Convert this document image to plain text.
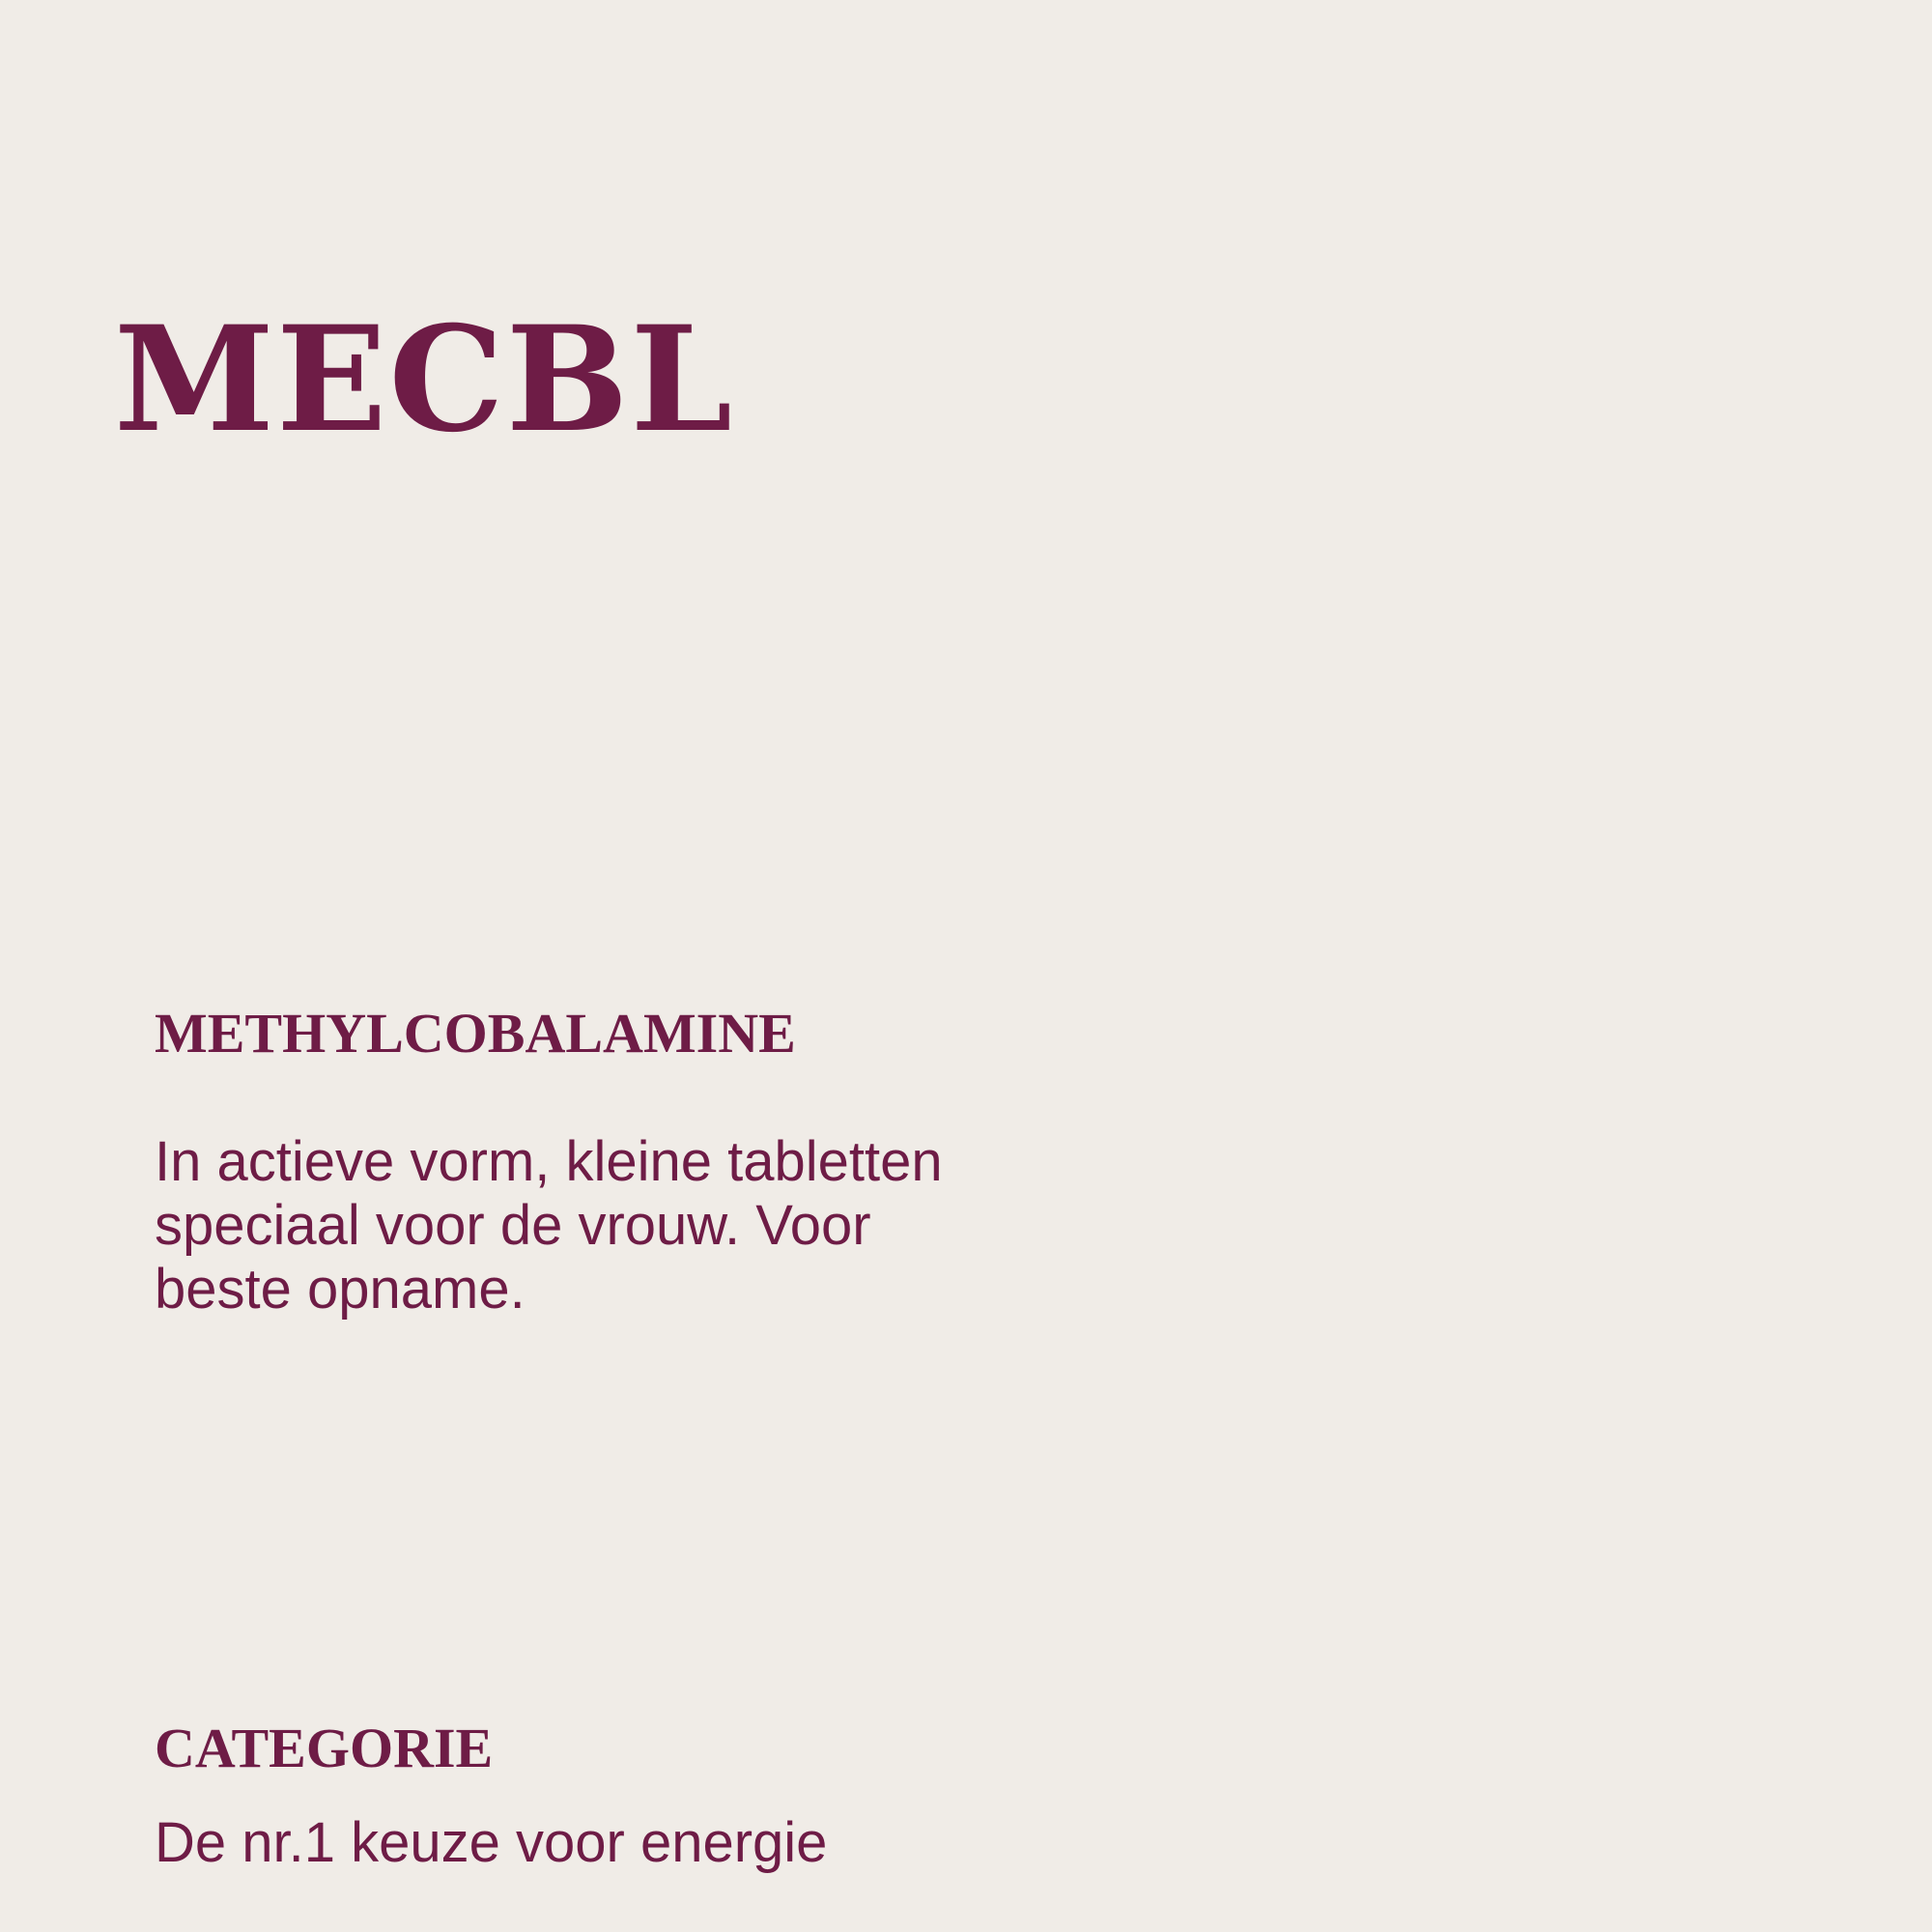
MECBL
METHYLCOBALAMINE

In actieve vorm, kleine tabletten
speciaal voor de vrouw. Voor
beste opname.

CATEGORIE

De nr.1 keuze voor energie
